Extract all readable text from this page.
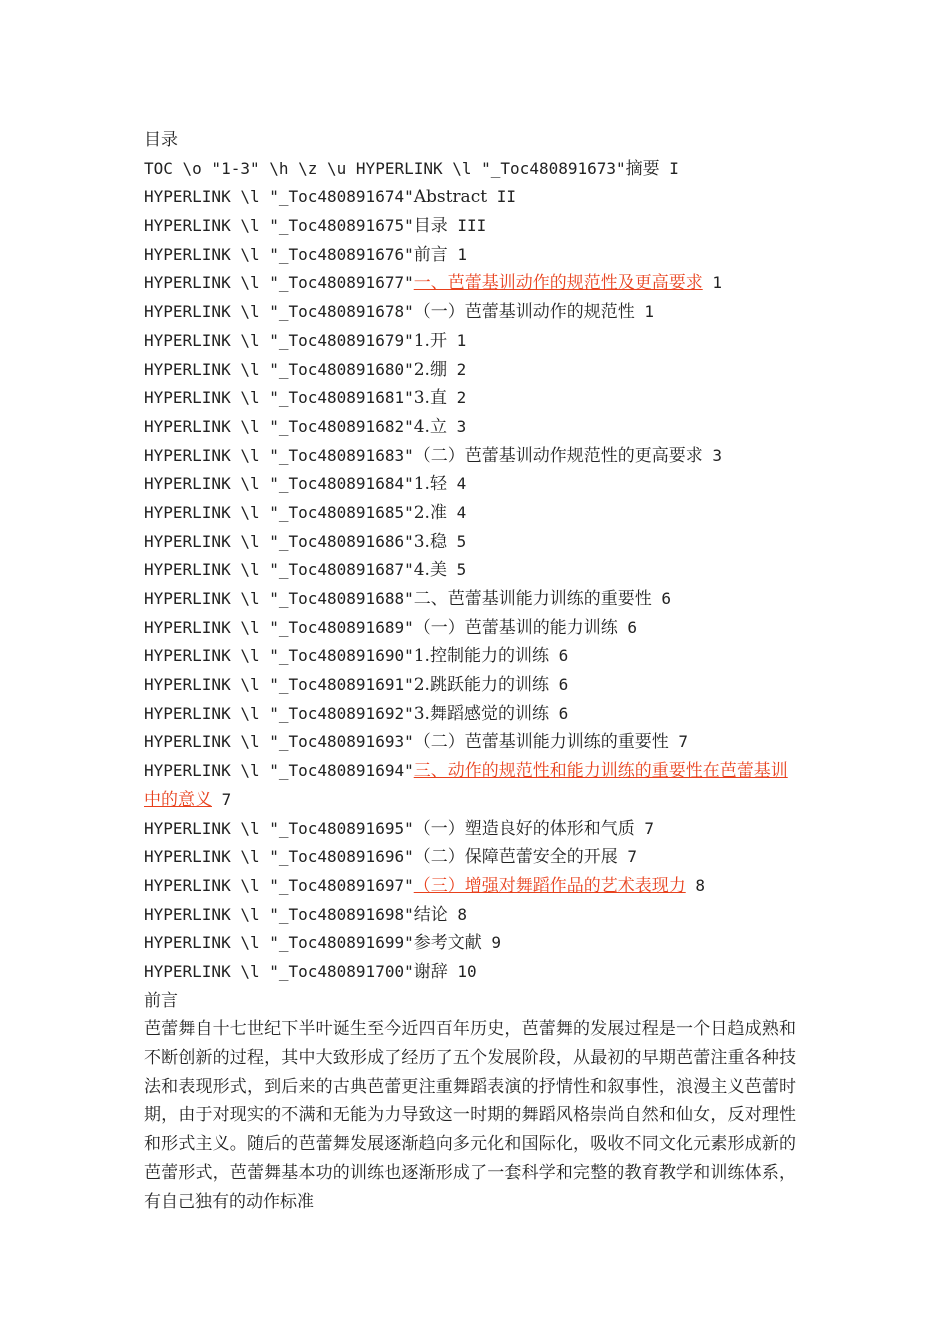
目录
TOC \o "1-3" \h \z \u HYPERLINK \l "_Toc480891673"摘要 I
HYPERLINK \l "_Toc480891674"Abstract II
HYPERLINK \l "_Toc480891675"目录 III
HYPERLINK \l "_Toc480891676"前言 1
HYPERLINK \l "_Toc480891677"一、芭蕾基训动作的规范性及更高要求 1
HYPERLINK \l "_Toc480891678"（一）芭蕾基训动作的规范性 1
HYPERLINK \l "_Toc480891679"1.开 1
HYPERLINK \l "_Toc480891680"2.绷 2
HYPERLINK \l "_Toc480891681"3.直 2
HYPERLINK \l "_Toc480891682"4.立 3
HYPERLINK \l "_Toc480891683"（二）芭蕾基训动作规范性的更高要求 3
HYPERLINK \l "_Toc480891684"1.轻 4
HYPERLINK \l "_Toc480891685"2.准 4
HYPERLINK \l "_Toc480891686"3.稳 5
HYPERLINK \l "_Toc480891687"4.美 5
HYPERLINK \l "_Toc480891688"二、芭蕾基训能力训练的重要性 6
HYPERLINK \l "_Toc480891689"（一）芭蕾基训的能力训练 6
HYPERLINK \l "_Toc480891690"1.控制能力的训练 6
HYPERLINK \l "_Toc480891691"2.跳跃能力的训练 6
HYPERLINK \l "_Toc480891692"3.舞蹈感觉的训练 6
HYPERLINK \l "_Toc480891693"（二）芭蕾基训能力训练的重要性 7
HYPERLINK \l "_Toc480891694"三、动作的规范性和能力训练的重要性在芭蕾基训中的意义 7
HYPERLINK \l "_Toc480891695"（一）塑造良好的体形和气质 7
HYPERLINK \l "_Toc480891696"（二）保障芭蕾安全的开展 7
HYPERLINK \l "_Toc480891697"（三）增强对舞蹈作品的艺术表现力 8
HYPERLINK \l "_Toc480891698"结论 8
HYPERLINK \l "_Toc480891699"参考文献 9
HYPERLINK \l "_Toc480891700"谢辞 10
前言
芭蕾舞自十七世纪下半叶诞生至今近四百年历史，芭蕾舞的发展过程是一个日趋成熟和不断创新的过程，其中大致形成了经历了五个发展阶段，从最初的早期芭蕾注重各种技法和表现形式，到后来的古典芭蕾更注重舞蹈表演的抒情性和叙事性，浪漫主义芭蕾时期，由于对现实的不满和无能为力导致这一时期的舞蹈风格崇尚自然和仙女，反对理性和形式主义。随后的芭蕾舞发展逐渐趋向多元化和国际化，吸收不同文化元素形成新的芭蕾形式，芭蕾舞基本功的训练也逐渐形成了一套科学和完整的教育教学和训练体系，有自己独有的动作标准
